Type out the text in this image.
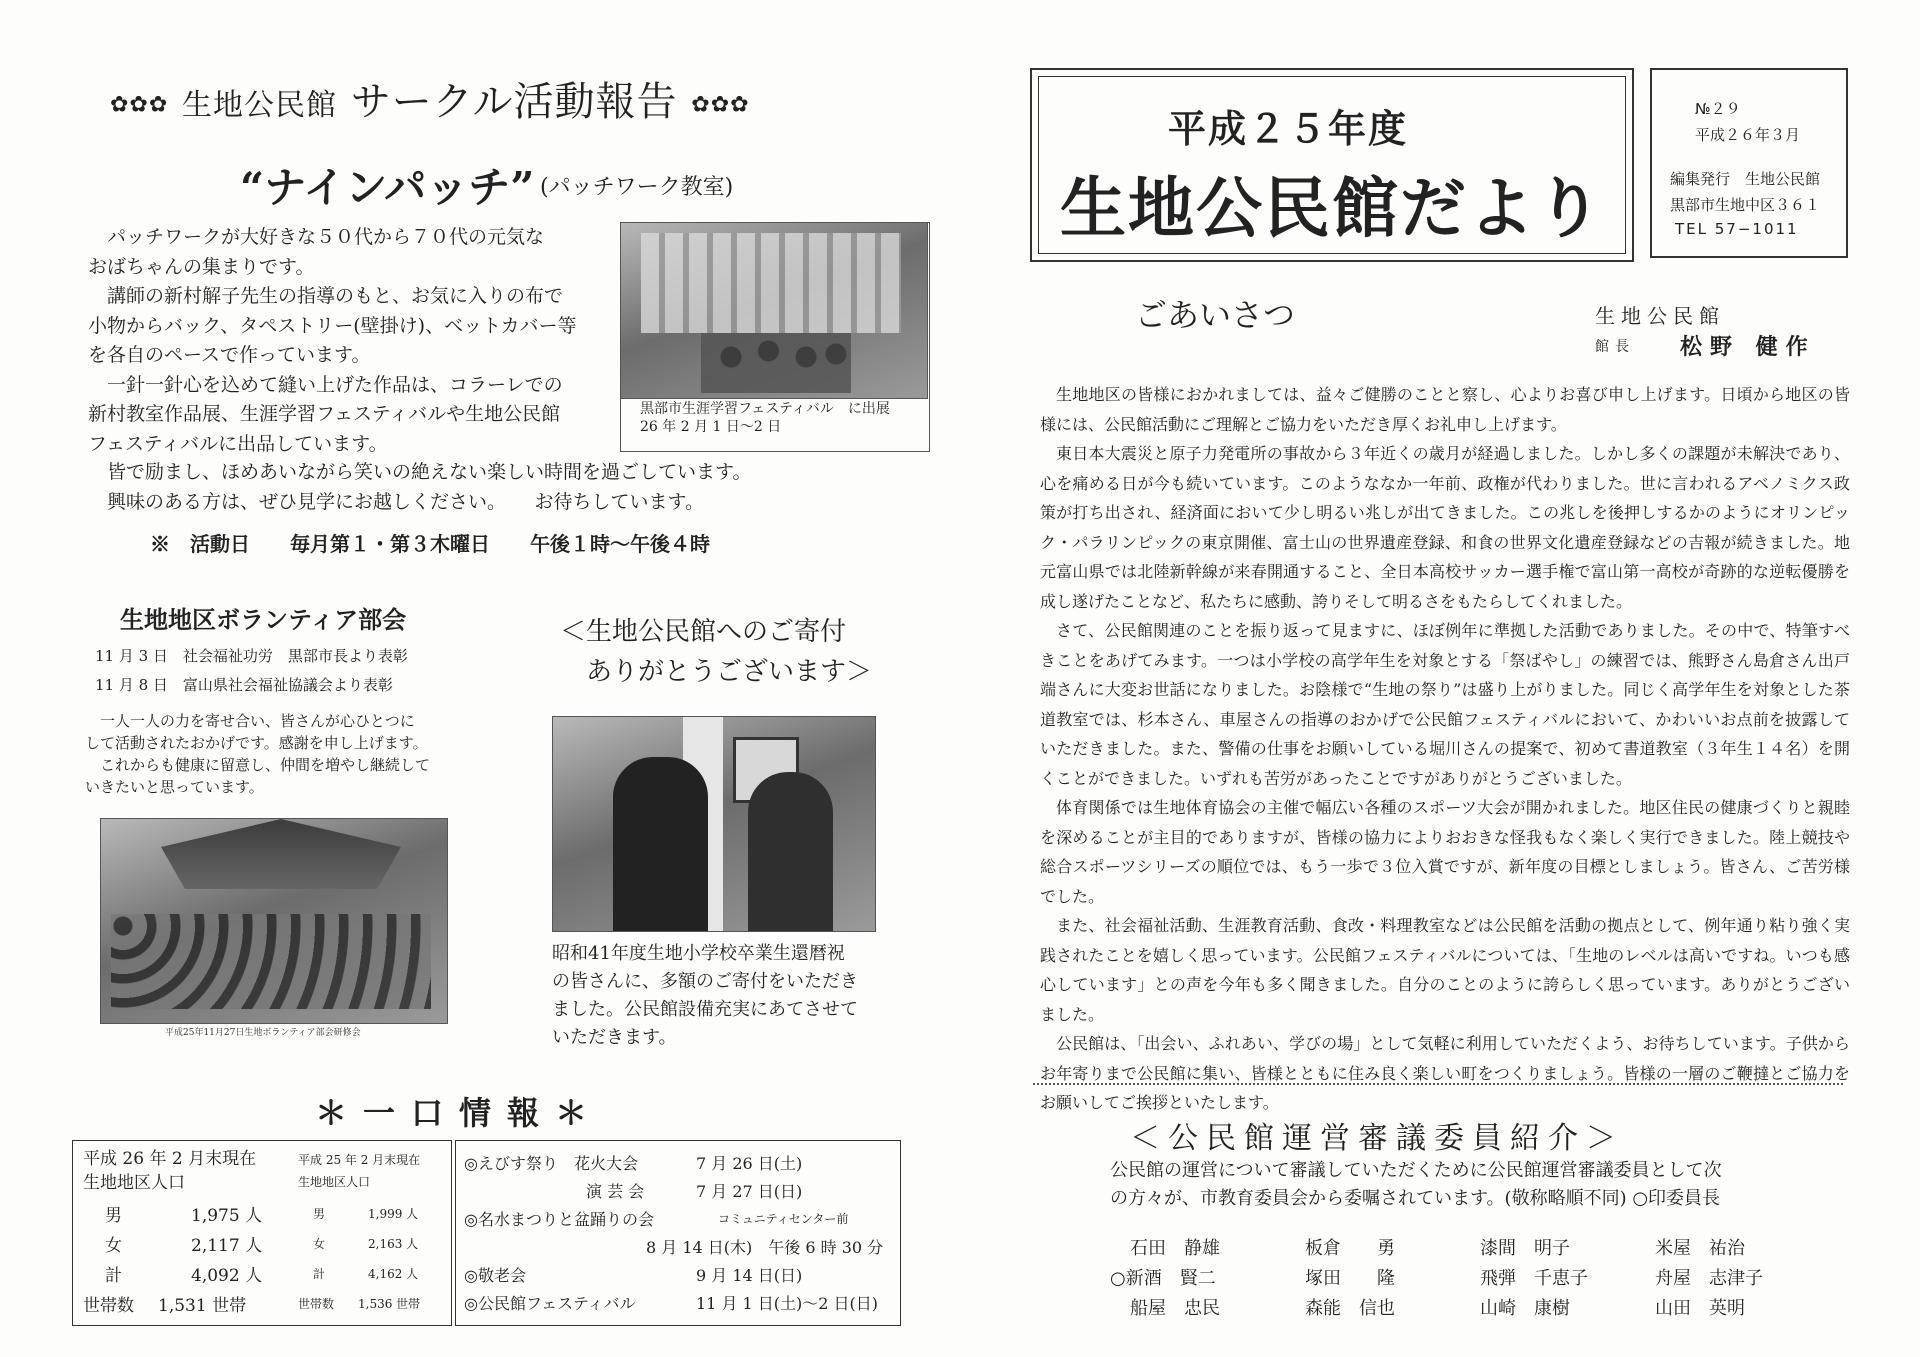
✿✿✿ 生地公民館 サークル活動報告 ✿✿✿
“ナインパッチ” (パッチワーク教室)
パッチワークが大好きな５０代から７０代の元気な
おばちゃんの集まりです。
講師の新村解子先生の指導のもと、お気に入りの布で
小物からバック、タペストリー(壁掛け)、ベットカバー等
を各自のペースで作っています。
一針一針心を込めて縫い上げた作品は、コラーレでの
新村教室作品展、生涯学習フェスティバルや生地公民館
フェスティバルに出品しています。
皆で励まし、ほめあいながら笑いの絶えない楽しい時間を過ごしています。
興味のある方は、ぜひ見学にお越しください。　　お待ちしています。
※　活動日　　毎月第１・第３木曜日　　午後１時～午後４時
黒部市生涯学習フェスティバル　に出展　26 年 2 月 1 日～2 日
生地地区ボランティア部会
11 月 3 日　社会福祉功労　黒部市長より表彰
11 月 8 日　富山県社会福祉協議会より表彰
一人一人の力を寄せ合い、皆さんが心ひとつに
して活動されたおかげです。感謝を申し上げます。
これからも健康に留意し、仲間を増やし継続して
いきたいと思っています。
平成25年11月27日生地ボランティア部会研修会
＜生地公民館へのご寄付
ありがとうございます＞
昭和41年度生地小学校卒業生還暦祝
の皆さんに、多額のご寄付をいただき
ました。公民館設備充実にあてさせて
いただきます。
＊一口情報＊
平成 26 年 2 月末現在
生地地区人口
平成 25 年 2 月末現在
生地地区人口
男	1,975 人	男	1,999 人
女	2,117 人	女	2,163 人
計	4,092 人	計	4,162 人
世帯数 1,531 世帯	世帯数 1,536 世帯
◎えびす祭り　花火大会	7 月 26 日(土)
演 芸 会	7 月 27 日(日)
◎名水まつりと盆踊りの会	コミュニティセンター前
8 月 14 日(木)　午後 6 時 30 分
◎敬老会	9 月 14 日(日)
◎公民館フェスティバル	11 月 1 日(土)～2 日(日)
平成２５年度
生地公民館だより
№２９
平成２６年３月
編集発行　生地公民館
黒部市生地中区３６１
TEL 57−1011
ごあいさつ	生地公民館
館長 松野 健作

生地地区の皆様におかれましては、益々ご健勝のことと察し、心よりお喜び申し上げます。日頃から地区の皆様には、公民館活動にご理解とご協力をいただき厚くお礼申し上げます。

東日本大震災と原子力発電所の事故から３年近くの歳月が経過しました。しかし多くの課題が未解決であり、心を痛める日が今も続いています。このようななか一年前、政権が代わりました。世に言われるアベノミクス政策が打ち出され、経済面において少し明るい兆しが出てきました。この兆しを後押しするかのようにオリンピック・パラリンピックの東京開催、富士山の世界遺産登録、和食の世界文化遺産登録などの吉報が続きました。地元富山県では北陸新幹線が来春開通すること、全日本高校サッカー選手権で富山第一高校が奇跡的な逆転優勝を成し遂げたことなど、私たちに感動、誇りそして明るさをもたらしてくれました。

さて、公民館関連のことを振り返って見ますに、ほぼ例年に準拠した活動でありました。その中で、特筆すべきことをあげてみます。一つは小学校の高学年生を対象とする「祭ばやし」の練習では、熊野さん島倉さん出戸端さんに大変お世話になりました。お陰様で“生地の祭り”は盛り上がりました。同じく高学年生を対象とした茶道教室では、杉本さん、車屋さんの指導のおかげで公民館フェスティバルにおいて、かわいいお点前を披露していただきました。また、警備の仕事をお願いしている堀川さんの提案で、初めて書道教室（３年生１４名）を開くことができました。いずれも苦労があったことですがありがとうございました。

体育関係では生地体育協会の主催で幅広い各種のスポーツ大会が開かれました。地区住民の健康づくりと親睦を深めることが主目的でありますが、皆様の協力によりおおきな怪我もなく楽しく実行できました。陸上競技や総合スポーツシリーズの順位では、もう一歩で３位入賞ですが、新年度の目標としましょう。皆さん、ご苦労様でした。

また、社会福祉活動、生涯教育活動、食改・料理教室などは公民館を活動の拠点として、例年通り粘り強く実践されたことを嬉しく思っています。公民館フェスティバルについては、「生地のレベルは高いですね。いつも感心しています」との声を今年も多く聞きました。自分のことのように誇らしく思っています。ありがとうございました。

公民館は、「出会い、ふれあい、学びの場」として気軽に利用していただくよう、お待ちしています。子供からお年寄りまで公民館に集い、皆様とともに住み良く楽しい町をつくりましょう。皆様の一層のご鞭撻とご協力をお願いしてご挨拶といたします。

＜公民館運営審議委員紹介＞
公民館の運営について審議していただくために公民館運営審議委員として次
の方々が、市教育委員会から委嘱されています。(敬称略順不同) ○印委員長
石田　静雄	板倉　　勇	漆間　明子	米屋　祐治
○新酒　賢二	塚田　　隆	飛弾　千恵子	舟屋　志津子
船屋　忠民	森能　信也	山崎　康樹	山田　英明
